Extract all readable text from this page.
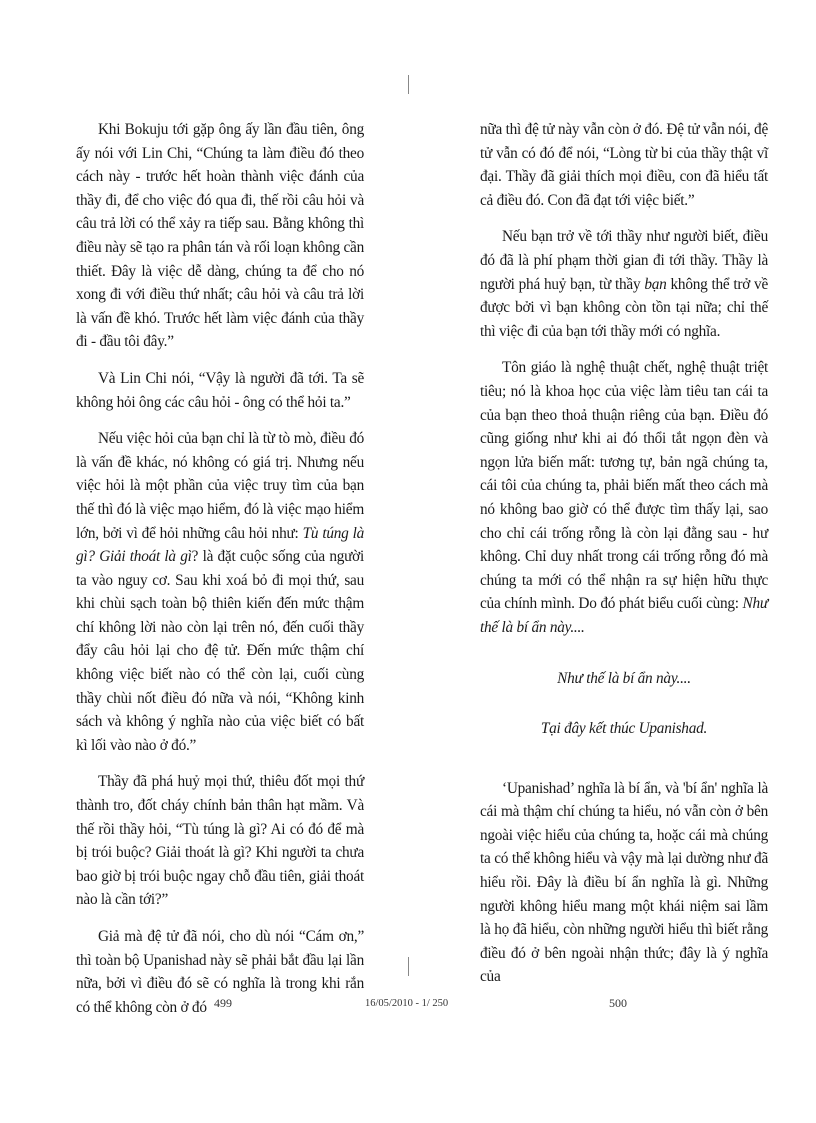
Khi Bokuju tới gặp ông ấy lần đầu tiên, ông ấy nói với Lin Chi, “Chúng ta làm điều đó theo cách này - trước hết hoàn thành việc đánh của thầy đi, để cho việc đó qua đi, thế rồi câu hỏi và câu trả lời có thể xảy ra tiếp sau. Bằng không thì điều này sẽ tạo ra phân tán và rối loạn không cần thiết. Đây là việc dễ dàng, chúng ta để cho nó xong đi với điều thứ nhất; câu hỏi và câu trả lời là vấn đề khó. Trước hết làm việc đánh của thầy đi - đầu tôi đây.”

Và Lin Chi nói, “Vậy là người đã tới. Ta sẽ không hỏi ông các câu hỏi - ông có thể hỏi ta.”

Nếu việc hỏi của bạn chỉ là từ tò mò, điều đó là vấn đề khác, nó không có giá trị. Nhưng nếu việc hỏi là một phần của việc truy tìm của bạn thế thì đó là việc mạo hiểm, đó là việc mạo hiểm lớn, bởi vì để hỏi những câu hỏi như: Tù túng là gì? Giải thoát là gì? là đặt cuộc sống của người ta vào nguy cơ. Sau khi xoá bỏ đi mọi thứ, sau khi chùi sạch toàn bộ thiên kiến đến mức thậm chí không lời nào còn lại trên nó, đến cuối thầy đẩy câu hỏi lại cho đệ tử. Đến mức thậm chí không việc biết nào có thể còn lại, cuối cùng thầy chùi nốt điều đó nữa và nói, “Không kinh sách và không ý nghĩa nào của việc biết có bất kì lối vào nào ở đó.”

Thầy đã phá huỷ mọi thứ, thiêu đốt mọi thứ thành tro, đốt cháy chính bản thân hạt mầm. Và thế rồi thầy hỏi, “Tù túng là gì? Ai có đó để mà bị trói buộc? Giải thoát là gì? Khi người ta chưa bao giờ bị trói buộc ngay chỗ đầu tiên, giải thoát nào là cần tới?”

Giả mà đệ tử đã nói, cho dù nói “Cám ơn,” thì toàn bộ Upanishad này sẽ phải bắt đầu lại lần nữa, bởi vì điều đó sẽ có nghĩa là trong khi rắn có thể không còn ở đó

nữa thì đệ tử này vẫn còn ở đó. Đệ tử vẫn nói, đệ tử vẫn có đó để nói, “Lòng từ bi của thầy thật vĩ đại. Thầy đã giải thích mọi điều, con đã hiểu tất cả điều đó. Con đã đạt tới việc biết.”

Nếu bạn trở về tới thầy như người biết, điều đó đã là phí phạm thời gian đi tới thầy. Thầy là người phá huỷ bạn, từ thầy bạn không thể trở về được bởi vì bạn không còn tồn tại nữa; chỉ thế thì việc đi của bạn tới thầy mới có nghĩa.

Tôn giáo là nghệ thuật chết, nghệ thuật triệt tiêu; nó là khoa học của việc làm tiêu tan cái ta của bạn theo thoả thuận riêng của bạn. Điều đó cũng giống như khi ai đó thổi tắt ngọn đèn và ngọn lửa biến mất: tương tự, bản ngã chúng ta, cái tôi của chúng ta, phải biến mất theo cách mà nó không bao giờ có thể được tìm thấy lại, sao cho chỉ cái trống rỗng là còn lại đằng sau - hư không. Chỉ duy nhất trong cái trống rỗng đó mà chúng ta mới có thể nhận ra sự hiện hữu thực của chính mình. Do đó phát biểu cuối cùng: Như thế là bí ẩn này....

Như thế là bí ẩn này....

Tại đây kết thúc Upanishad.

‘Upanishad’ nghĩa là bí ẩn, và 'bí ẩn' nghĩa là cái mà thậm chí chúng ta hiểu, nó vẫn còn ở bên ngoài việc hiểu của chúng ta, hoặc cái mà chúng ta có thể không hiểu và vậy mà lại dường như đã hiểu rồi. Đây là điều bí ẩn nghĩa là gì. Những người không hiểu mang một khái niệm sai lầm là họ đã hiểu, còn những người hiểu thì biết rằng điều đó ở bên ngoài nhận thức; đây là ý nghĩa của

499	16/05/2010 - 1/ 250	500
